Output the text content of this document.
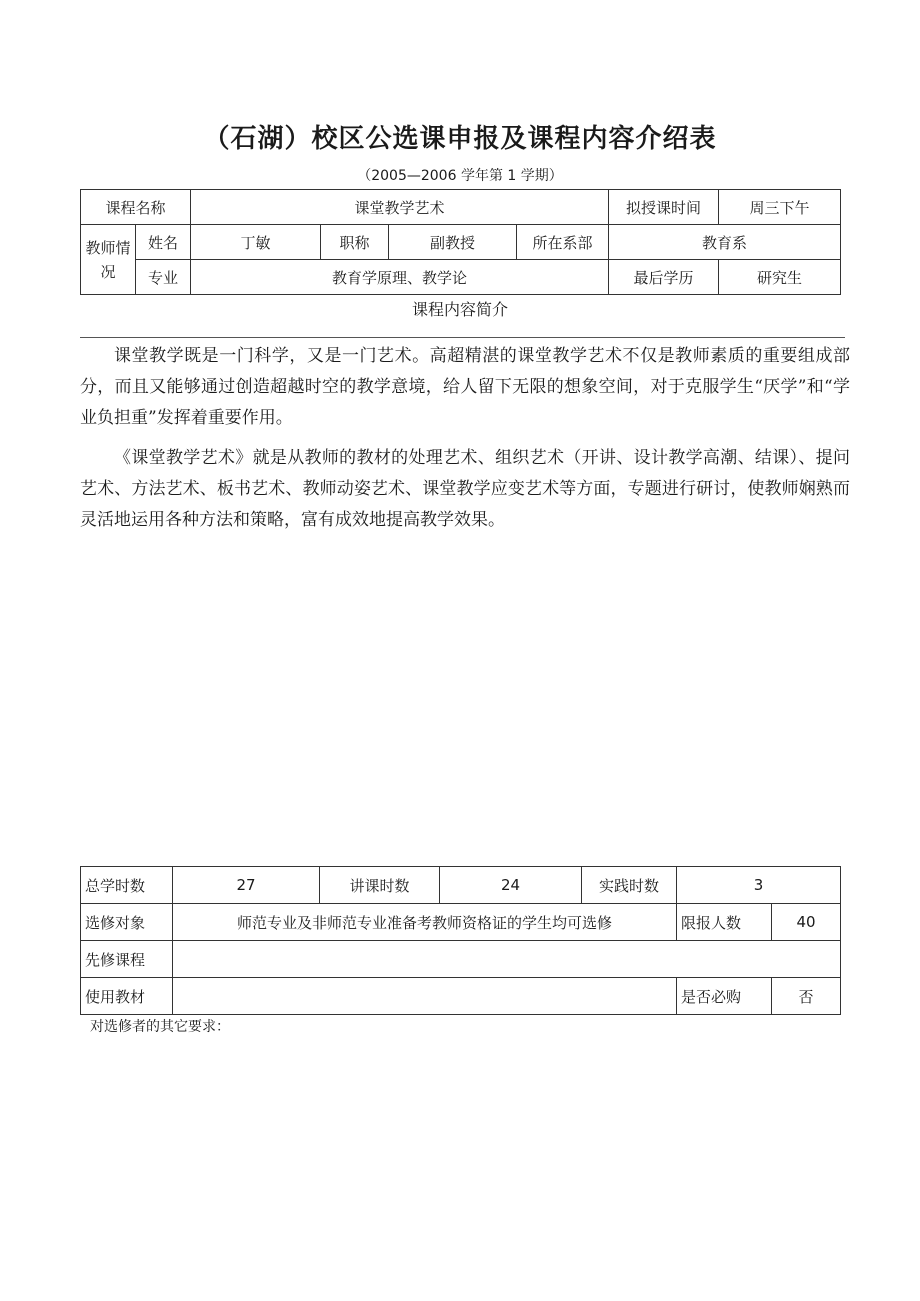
（石湖）校区公选课申报及课程内容介绍表
（2005—2006 学年第 1 学期）
课程名称		课堂教学艺术				拟授课时间	周三下午
教师情况	姓名	丁敏	职称	副教授	所在系部	教育系	
	专业	教育学原理、教学论				最后学历	研究生
课程内容简介

课堂教学既是一门科学，又是一门艺术。高超精湛的课堂教学艺术不仅是教师素质的重要组成部分，而且又能够通过创造超越时空的教学意境，给人留下无限的想象空间，对于克服学生“厌学”和“学业负担重”发挥着重要作用。

《课堂教学艺术》就是从教师的教材的处理艺术、组织艺术（开讲、设计教学高潮、结课）、提问艺术、方法艺术、板书艺术、教师动姿艺术、课堂教学应变艺术等方面，专题进行研讨，使教师娴熟而灵活地运用各种方法和策略，富有成效地提高教学效果。

总学时数	27	讲课时数	24	实践时数	3	
选修对象	师范专业及非师范专业准备考教师资格证的学生均可选修				限报人数	40
先修课程						
使用教材					是否必购	否
对选修者的其它要求：
